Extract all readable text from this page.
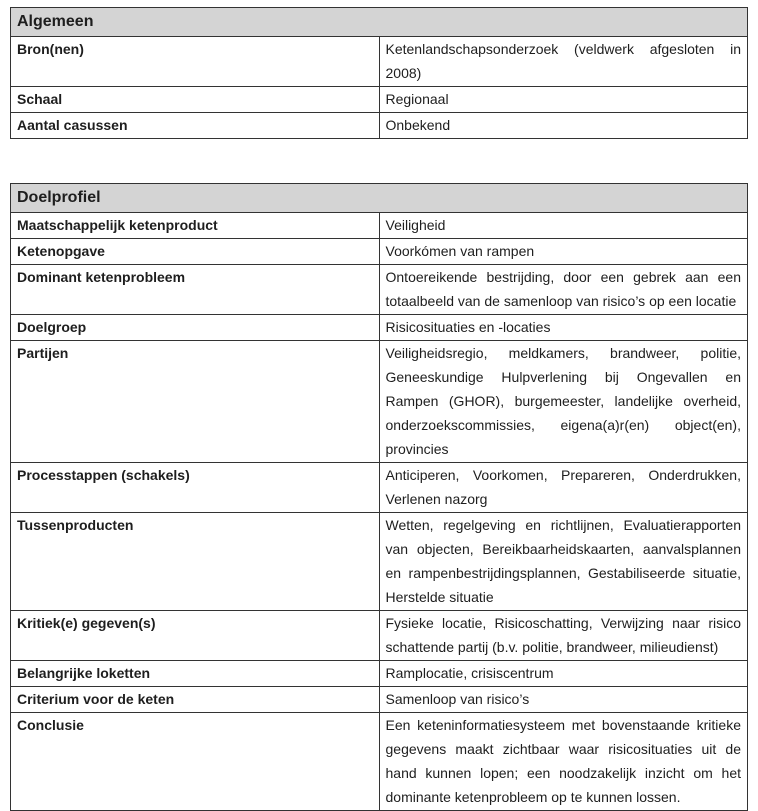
Algemeen	
Bron(nen)	Ketenlandschapsonderzoek (veldwerk afgesloten in 2008)
Schaal	Regionaal
Aantal casussen	Onbekend
Doelprofiel	
Maatschappelijk ketenproduct	Veiligheid
Ketenopgave	Voorkómen van rampen
Dominant ketenprobleem	Ontoereikende bestrijding, door een gebrek aan een totaalbeeld van de samenloop van risico’s op een locatie
Doelgroep	Risicosituaties en -locaties
Partijen	Veiligheidsregio, meldkamers, brandweer, politie, Geneeskundige Hulpverlening bij Ongevallen en Rampen (GHOR), burgemeester, landelijke overheid, onderzoekscommissies, eigena(a)r(en) object(en), provincies
Processtappen (schakels)	Anticiperen, Voorkomen, Prepareren, Onderdrukken, Verlenen nazorg
Tussenproducten	Wetten, regelgeving en richtlijnen, Evaluatierapporten van objecten, Bereikbaarheidskaarten, aanvalsplannen en rampenbestrijdingsplannen, Gestabiliseerde situatie, Herstelde situatie
Kritiek(e) gegeven(s)	Fysieke locatie, Risicoschatting, Verwijzing naar risico schattende partij (b.v. politie, brandweer, milieudienst)
Belangrijke loketten	Ramplocatie, crisiscentrum
Criterium voor de keten	Samenloop van risico’s
Conclusie	Een keteninformatiesysteem met bovenstaande kritieke gegevens maakt zichtbaar waar risicosituaties uit de hand kunnen lopen; een noodzakelijk inzicht om het dominante ketenprobleem op te kunnen lossen.
